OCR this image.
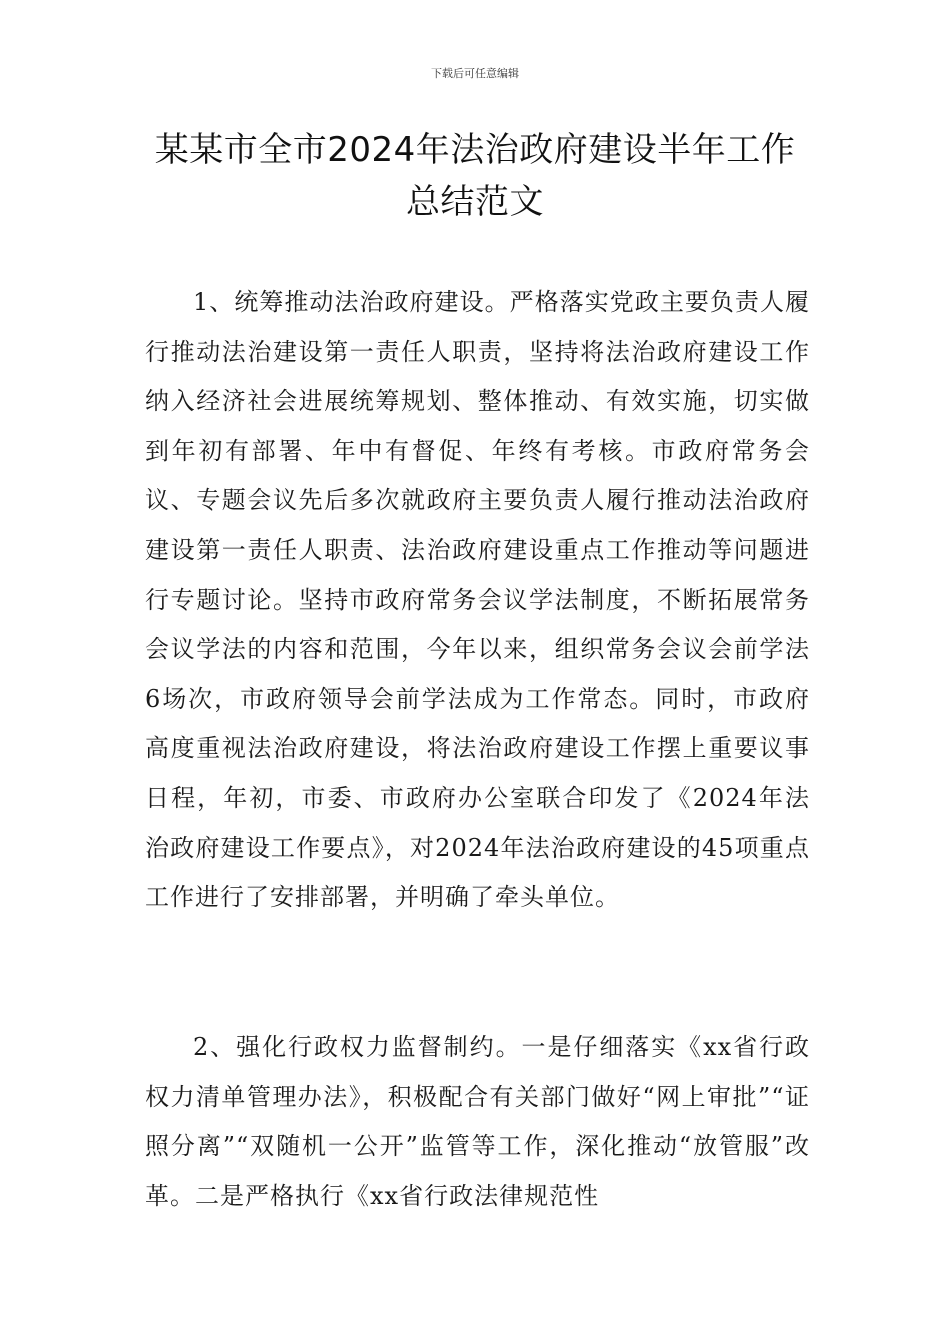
下载后可任意编辑
某某市全市2024年法治政府建设半年工作
总结范文

1、统筹推动法治政府建设。严格落实党政主要负责人履行推动法治建设第一责任人职责，坚持将法治政府建设工作纳入经济社会进展统筹规划、整体推动、有效实施，切实做到年初有部署、年中有督促、年终有考核。市政府常务会议、专题会议先后多次就政府主要负责人履行推动法治政府建设第一责任人职责、法治政府建设重点工作推动等问题进行专题讨论。坚持市政府常务会议学法制度，不断拓展常务会议学法的内容和范围，今年以来，组织常务会议会前学法6场次，市政府领导会前学法成为工作常态。同时，市政府高度重视法治政府建设，将法治政府建设工作摆上重要议事日程，年初，市委、市政府办公室联合印发了《2024年法治政府建设工作要点》，对2024年法治政府建设的45项重点工作进行了安排部署，并明确了牵头单位。

2、强化行政权力监督制约。一是仔细落实《xx省行政权力清单管理办法》，积极配合有关部门做好“网上审批”“证照分离”“双随机一公开”监管等工作，深化推动“放管服”改革。二是严格执行《xx省行政法律规范性
